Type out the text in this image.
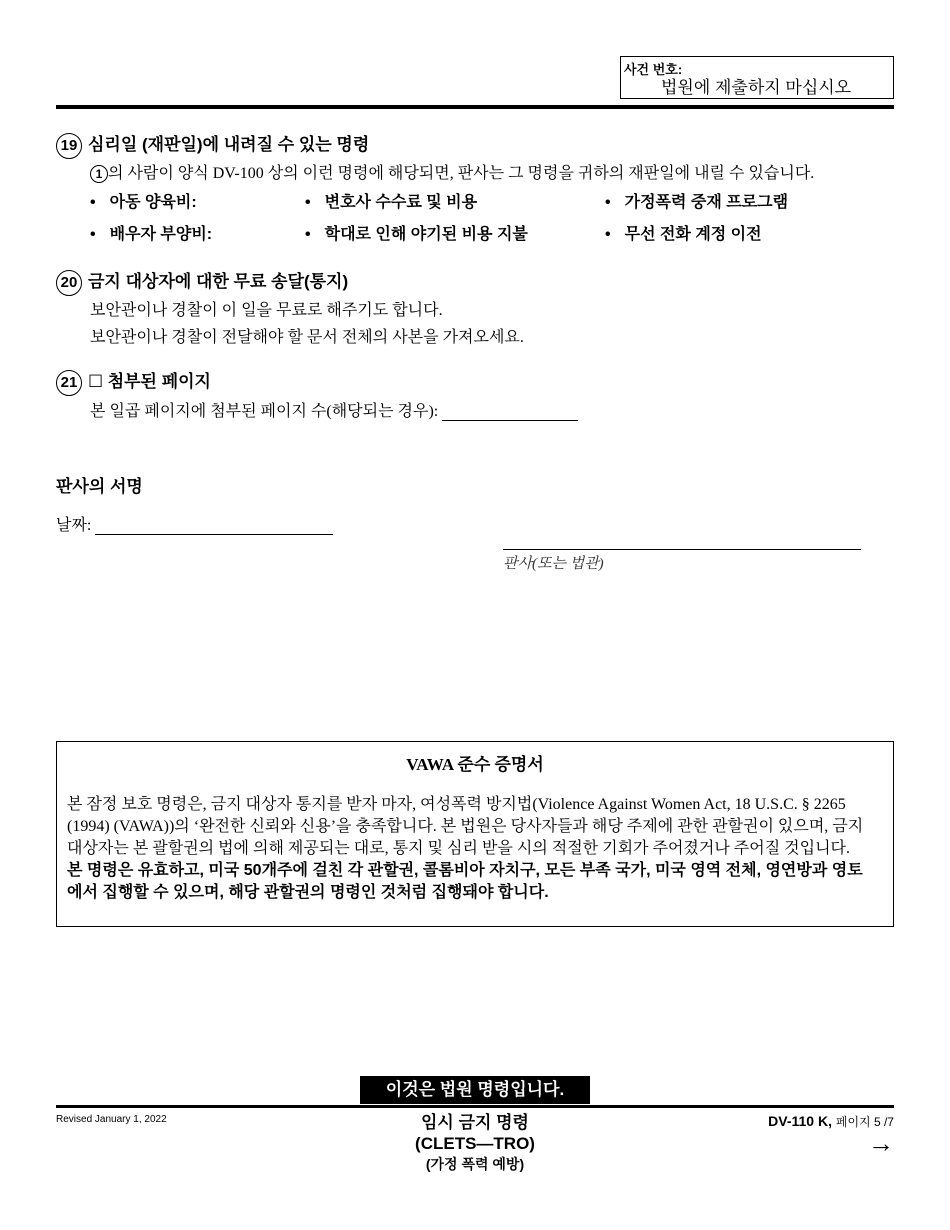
사건 번호:
법원에 제출하지 마십시오
19 심리일 (재판일)에 내려질 수 있는 명령
1 의 사람이 양식 DV-100 상의 이런 명령에 해당되면, 판사는 그 명령을 귀하의 재판일에 내릴 수 있습니다.
• 아동 양육비:	• 변호사 수수료 및 비용	• 가정폭력 중재 프로그램
• 배우자 부양비:	• 학대로 인해 야기된 비용 지불	• 무선 전화 계정 이전
20 금지 대상자에 대한 무료 송달(통지)
보안관이나 경찰이 이 일을 무료로 해주기도 합니다.
보안관이나 경찰이 전달해야 할 문서 전체의 사본을 가져오세요.
21 ☐ 첨부된 페이지
본 일곱 페이지에 첨부된 페이지 수(해당되는 경우):
판사의 서명
날짜:
판사(또는 법관)
VAWA 준수 증명서
본 잠정 보호 명령은, 금지 대상자 통지를 받자 마자, 여성폭력 방지법(Violence Against Women Act, 18 U.S.C. § 2265 (1994) (VAWA))의 ‘완전한 신뢰와 신용’을 충족합니다. 본 법원은 당사자들과 해당 주제에 관한 관할권이 있으며, 금지 대상자는 본 괄할권의 법에 의해 제공되는 대로, 통지 및 심리 받을 시의 적절한 기회가 주어졌거나 주어질 것입니다. 본 명령은 유효하고, 미국 50개주에 걸친 각 관할권, 콜롬비아 자치구, 모든 부족 국가, 미국 영역 전체, 영연방과 영토에서 집행할 수 있으며, 해당 관할권의 명령인 것처럼 집행돼야 합니다.
이것은 법원 명령입니다.
Revised January 1, 2022	임시 금지 명령
(CLETS—TRO)
(가정 폭력 예방)
DV-110 K, 페이지 5 /7
→
